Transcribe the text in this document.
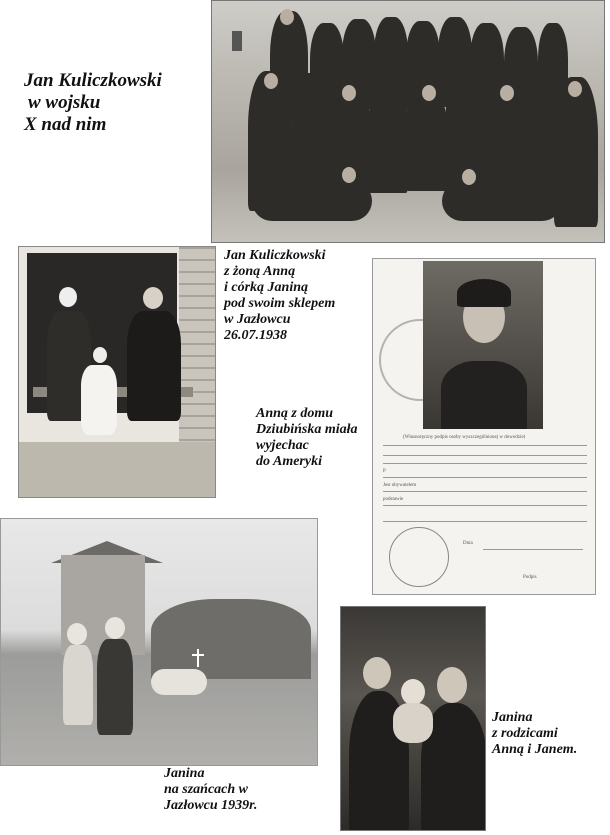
Jan Kuliczkowski
w wojsku
X nad nim
Jan Kuliczkowski
z żoną Anną
i córką Janiną
pod swoim sklepem
w Jazłowcu
26.07.1938
Anną z domu
Dziubińska miała
wyjechac
do Ameryki
(Własnoręczny podpis osoby wyszczególnionej w dowodzie)
P
Jest obywatelem
podstawie
Dnia
Podpis
Janina
na szańcach w
Jazłowcu 1939r.
Janina
z rodzicami
Anną i Janem.
